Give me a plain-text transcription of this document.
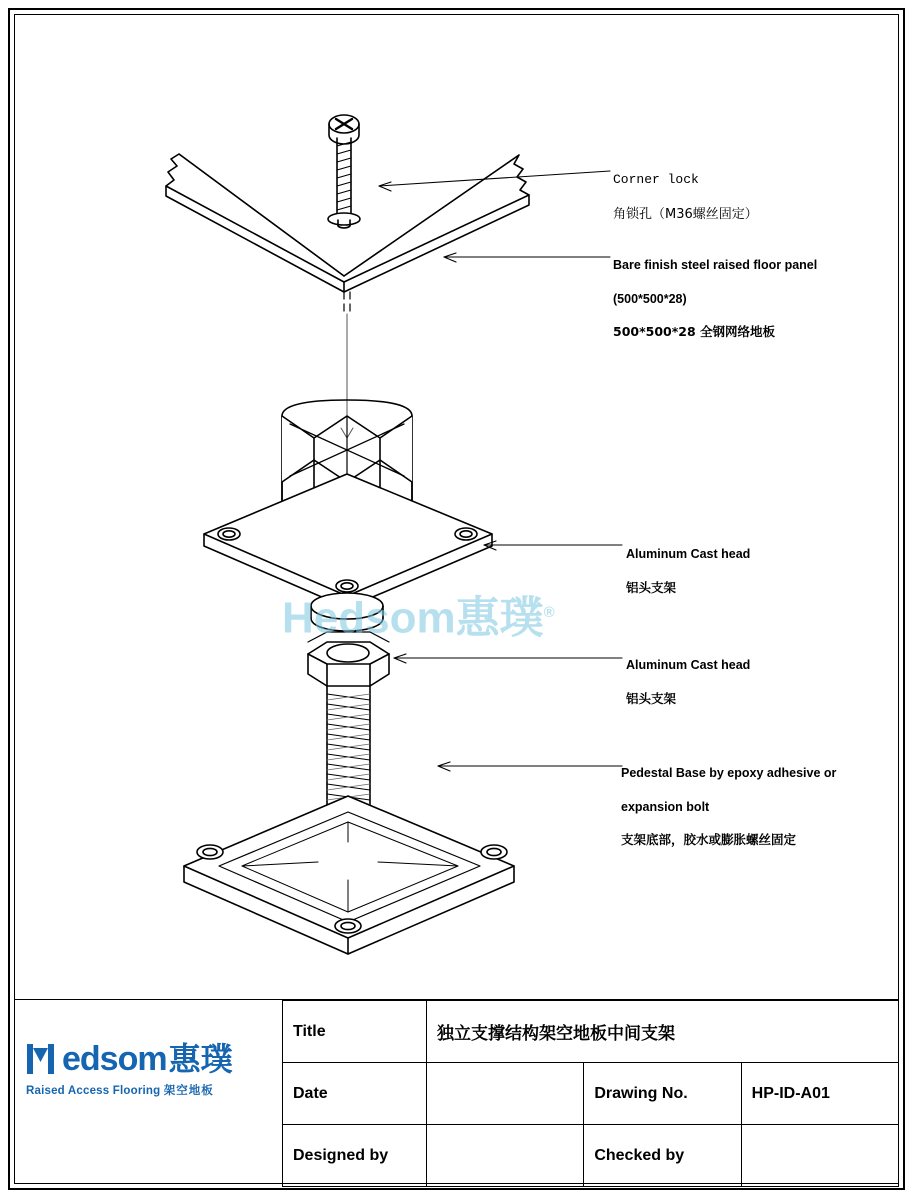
Hedsom惠璞®

Corner lock

角锁孔（M36螺丝固定）

Bare finish steel raised floor panel

(500*500*28)

500*500*28 全钢网络地板

Aluminum Cast head

铝头支架

Aluminum Cast head

铝头支架

Pedestal Base by epoxy adhesive or

expansion bolt

支架底部，胶水或膨胀螺丝固定

edsom 惠璞
Raised Access Flooring 架空地板
Title	独立支撑结构架空地板中间支架		
Date		Drawing No.	HP-ID-A01
Designed by		Checked by	
